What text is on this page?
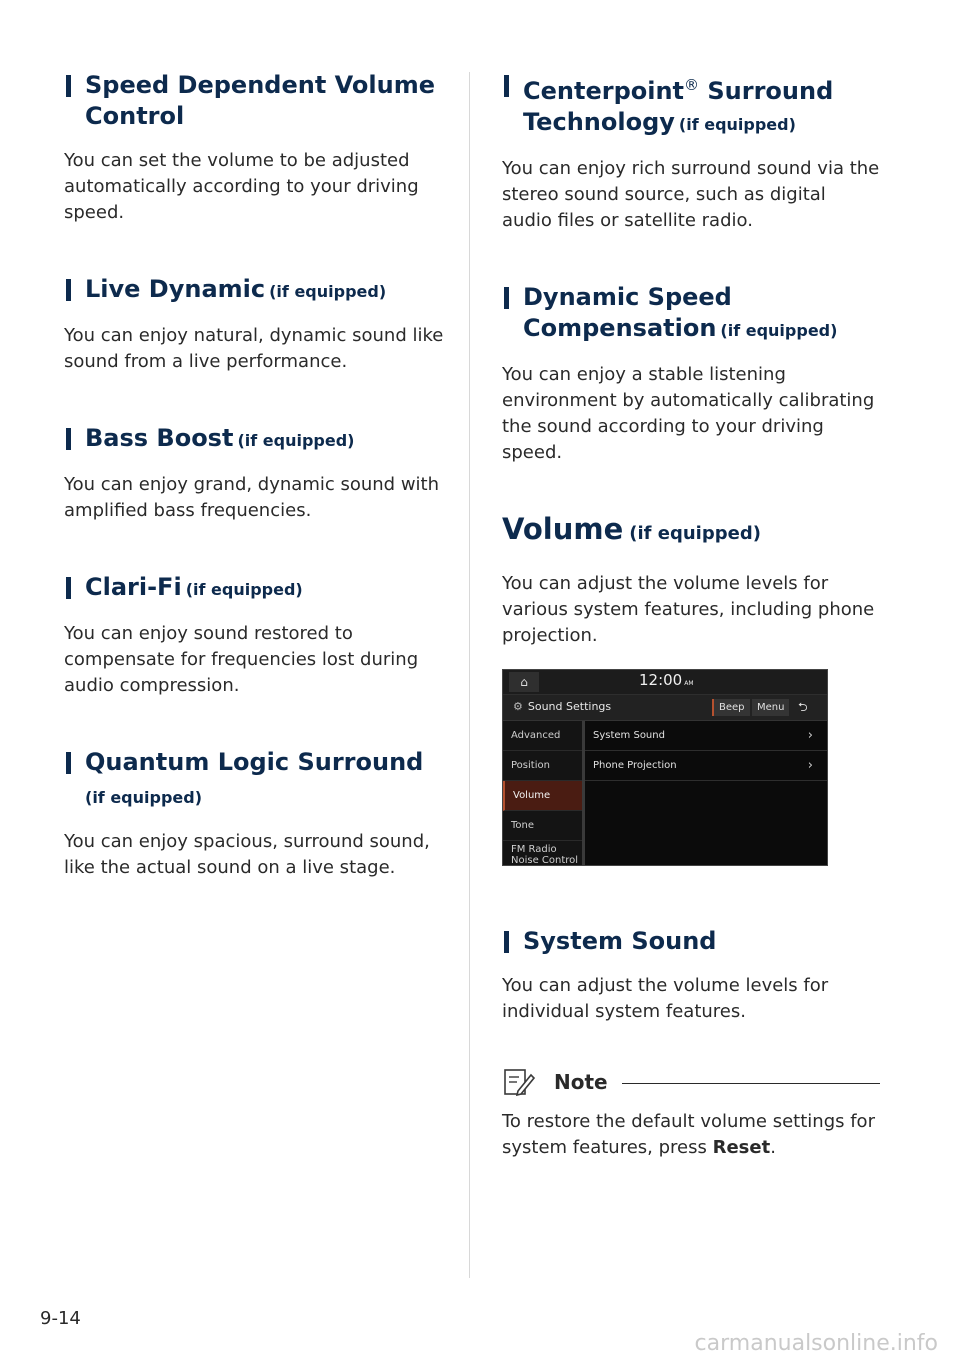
Speed Dependent Volume Control

You can set the volume to be adjusted automatically according to your driving speed.

Live Dynamic (if equipped)

You can enjoy natural, dynamic sound like sound from a live performance.

Bass Boost (if equipped)

You can enjoy grand, dynamic sound with amplified bass frequencies.

Clari-Fi (if equipped)

You can enjoy sound restored to compensate for frequencies lost during audio compression.

Quantum Logic Surround
(if equipped)

You can enjoy spacious, surround sound, like the actual sound on a live stage.

Centerpoint® Surround Technology (if equipped)

You can enjoy rich surround sound via the stereo sound source, such as digital audio files or satellite radio.

Dynamic Speed Compensation (if equipped)

You can enjoy a stable listening environment by automatically calibrating the sound according to your driving speed.

Volume (if equipped)

You can adjust the volume levels for various system features, including phone projection.

⌂	12:00 AM
⚙ Sound Settings	Beep	Menu	⮌
Advanced
Position
Volume
Tone
FM Radio Noise Control
System Sound	›
Phone Projection	›
System Sound

You can adjust the volume levels for individual system features.

Note

To restore the default volume settings for system features, press Reset.

9-14
carmanualsonline.info
